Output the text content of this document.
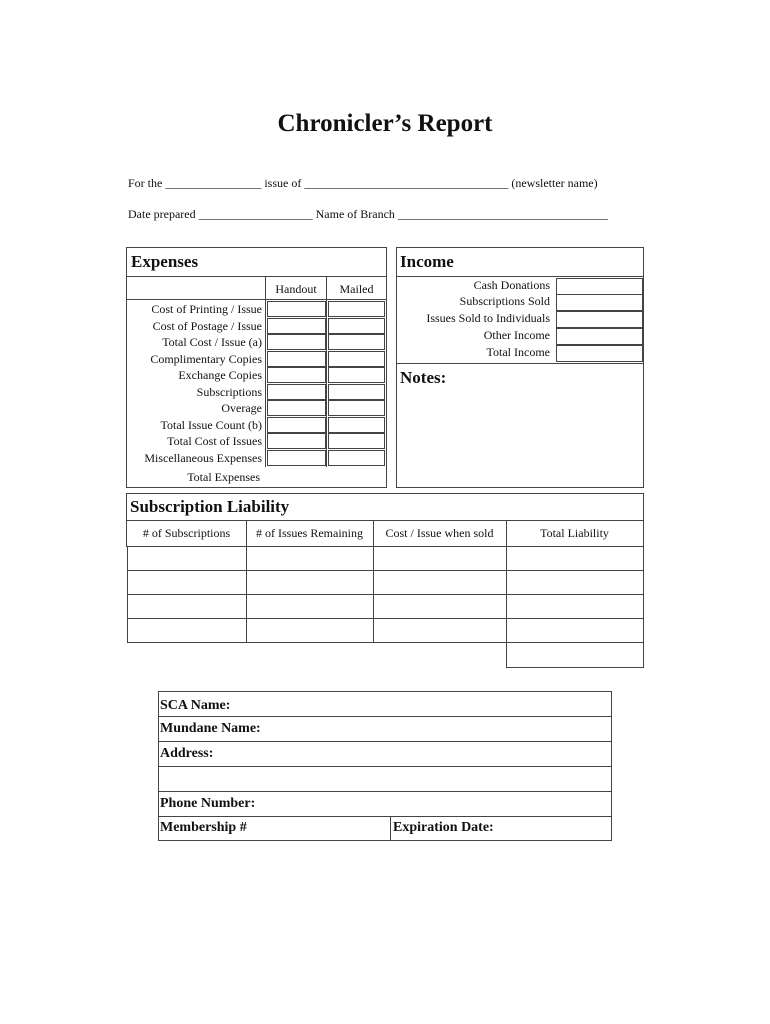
Chronicler’s Report
For the ________________ issue of __________________________________ (newsletter name)
Date prepared ___________________ Name of Branch ___________________________________
Expenses
Handout	Mailed
Cost of Printing / Issue
Cost of Postage / Issue
Total Cost / Issue (a)
Complimentary Copies
Exchange Copies
Subscriptions
Overage
Total Issue Count (b)
Total Cost of Issues
Miscellaneous Expenses
Total Expenses
Income
Cash Donations
Subscriptions Sold
Issues Sold to Individuals
Other Income
Total Income
Notes:
Subscription Liability
# of Subscriptions	# of Issues Remaining	Cost / Issue when sold	Total Liability
SCA Name:
Mundane Name:
Address:
Phone Number:
Membership #	Expiration Date:
